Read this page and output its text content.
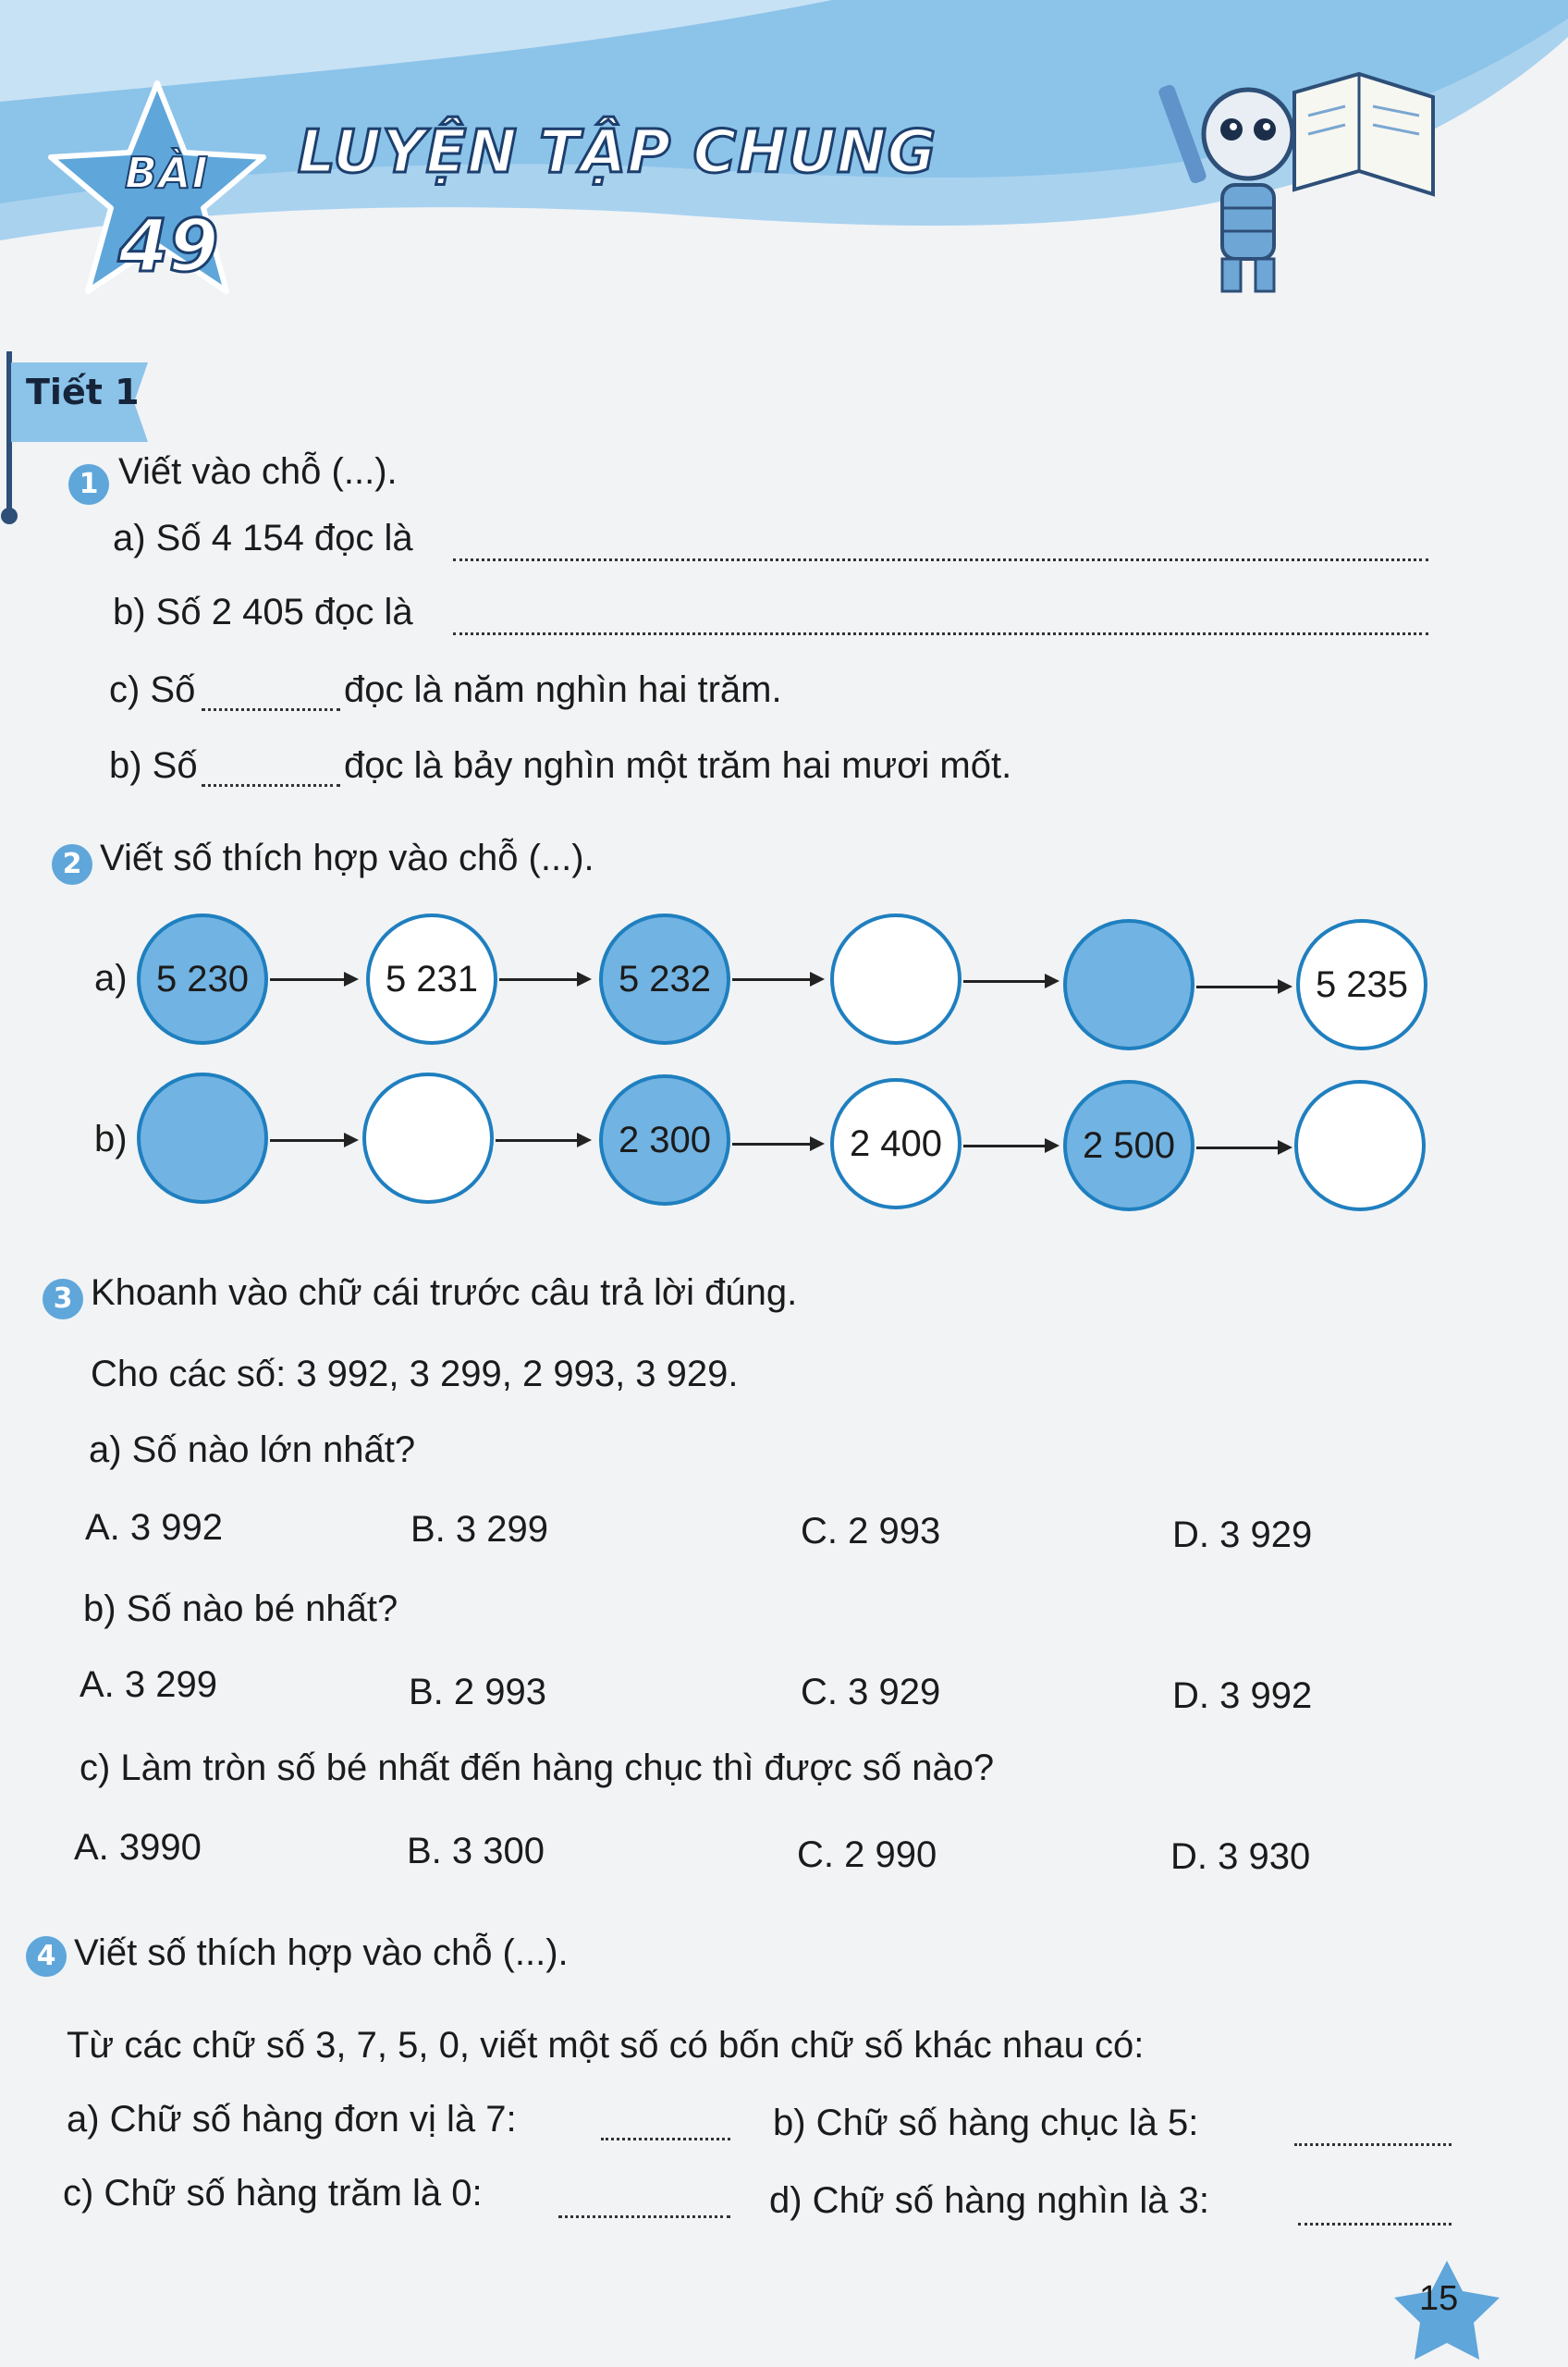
BÀI
49
LUYỆN TẬP CHUNG
Tiết 1
1 Viết vào chỗ (...).
a) Số 4 154 đọc là
b) Số 2 405 đọc là
c) Số	đọc là năm nghìn hai trăm.
b) Số	đọc là bảy nghìn một trăm hai mươi mốt.
2 Viết số thích hợp vào chỗ (...).
a) 5 230	5 231	5 232	5 235
b)	2 300	2 400	2 500
3 Khoanh vào chữ cái trước câu trả lời đúng.
Cho các số: 3 992, 3 299, 2 993, 3 929.
a) Số nào lớn nhất?
A. 3 992	B. 3 299	C. 2 993	D. 3 929
b) Số nào bé nhất?
A. 3 299	B. 2 993	C. 3 929	D. 3 992
c) Làm tròn số bé nhất đến hàng chục thì được số nào?
A. 3990	B. 3 300	C. 2 990	D. 3 930
4 Viết số thích hợp vào chỗ (...).
Từ các chữ số 3, 7, 5, 0, viết một số có bốn chữ số khác nhau có:
a) Chữ số hàng đơn vị là 7:	b) Chữ số hàng chục là 5:
c) Chữ số hàng trăm là 0:	d) Chữ số hàng nghìn là 3:
15
